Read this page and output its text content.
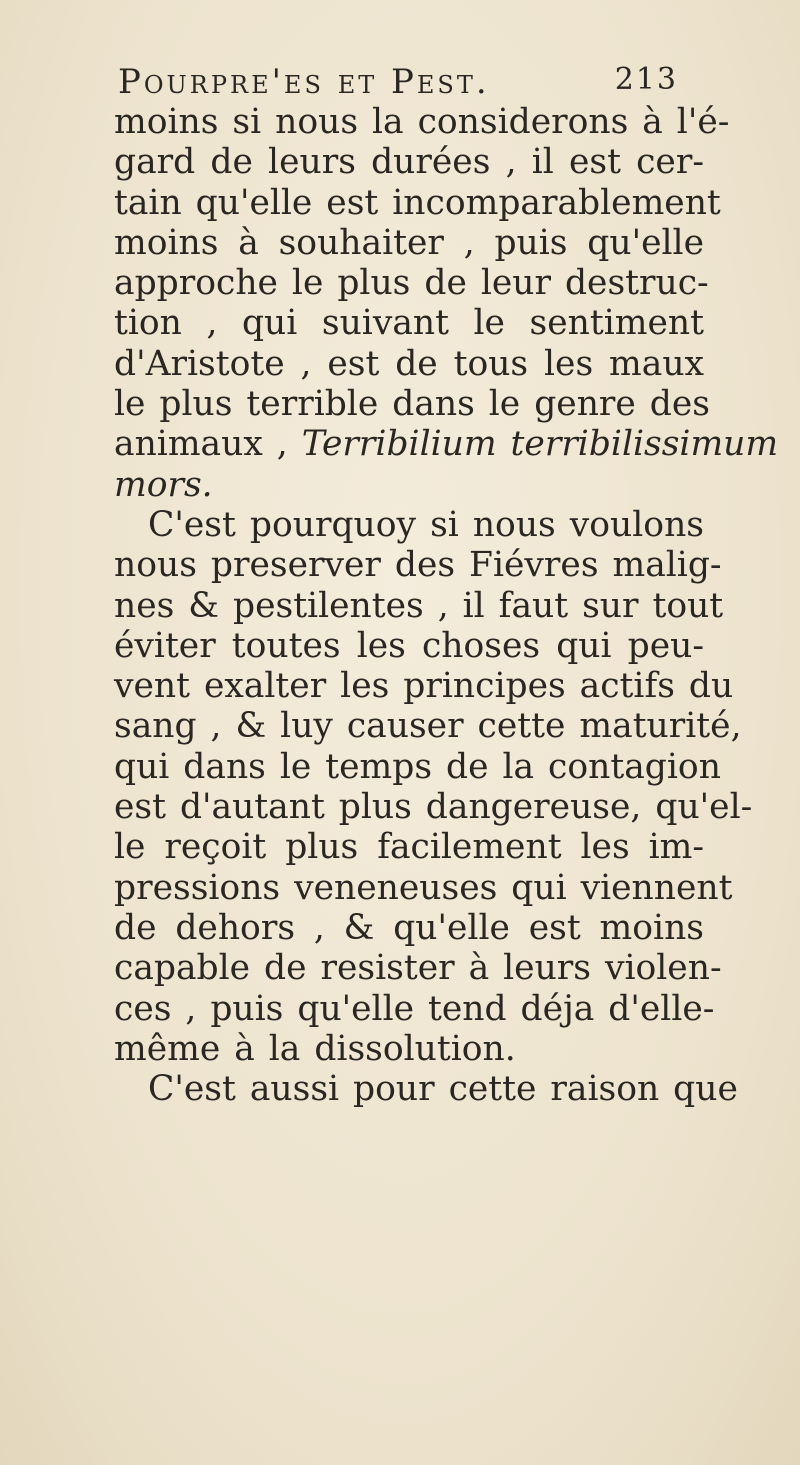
Pourpre'es et Pest.	213
moins si nous la considerons à l'é-
gard de leurs durées , il est cer-
tain qu'elle est incomparablement
moins à souhaiter , puis qu'elle
approche le plus de leur destruc-
tion , qui suivant le sentiment
d'Aristote , est de tous les maux
le plus terrible dans le genre des
animaux , Terribilium terribilissimum
mors.
C'est pourquoy si nous voulons
nous preserver des Fiévres malig-
nes & pestilentes , il faut sur tout
éviter toutes les choses qui peu-
vent exalter les principes actifs du
sang , & luy causer cette maturité,
qui dans le temps de la contagion
est d'autant plus dangereuse, qu'el-
le reçoit plus facilement les im-
pressions veneneuses qui viennent
de dehors , & qu'elle est moins
capable de resister à leurs violen-
ces , puis qu'elle tend déja d'elle-
même à la dissolution.
C'est aussi pour cette raison que
